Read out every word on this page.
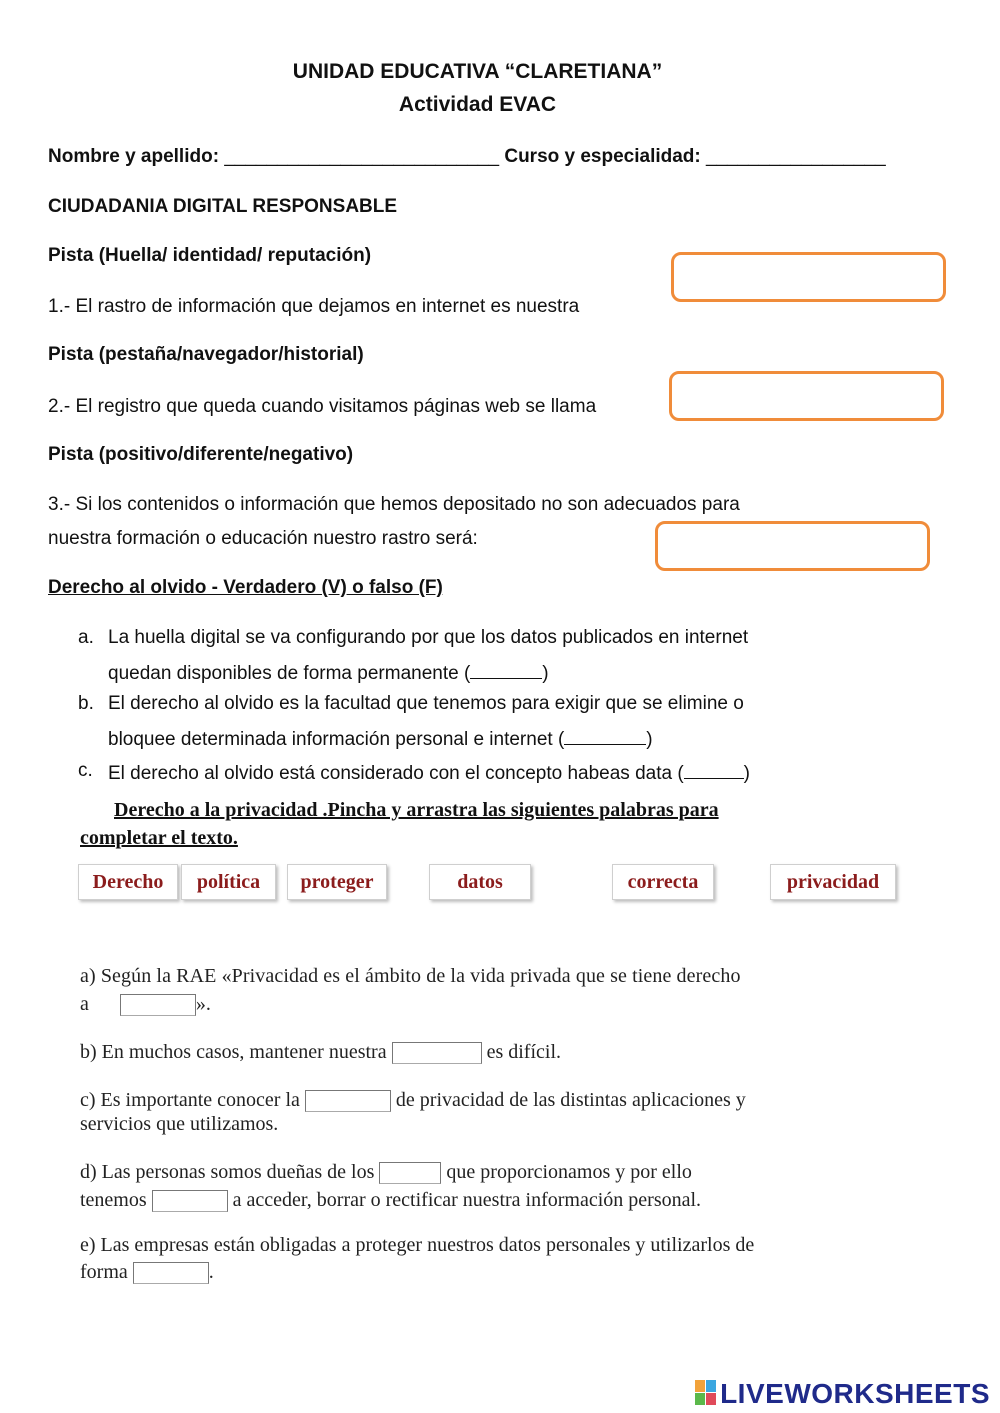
UNIDAD EDUCATIVA “CLARETIANA”
Actividad EVAC
Nombre y apellido: __________________________ Curso y especialidad: _________________
CIUDADANIA DIGITAL RESPONSABLE
Pista (Huella/ identidad/ reputación)
1.- El rastro de información que dejamos en internet es nuestra
Pista (pestaña/navegador/historial)
2.- El registro que queda cuando visitamos páginas web se llama
Pista (positivo/diferente/negativo)
3.- Si los contenidos o información que hemos depositado no son adecuados para
nuestra formación o educación nuestro rastro será:
Derecho al olvido - Verdadero (V) o falso (F)
a. La huella digital se va configurando por que los datos publicados en internet
quedan disponibles de forma permanente (	)
b. El derecho al olvido es la facultad que tenemos para exigir que se elimine o
bloquee determinada información personal e internet (	)
c. El derecho al olvido está considerado con el concepto habeas data (	)
Derecho a la privacidad .Pincha y arrastra las siguientes palabras para
completar el texto.
Derecho	política	proteger	datos	correcta	privacidad
a) Según la RAE «Privacidad es el ámbito de la vida privada que se tiene derecho
a	».
b) En muchos casos, mantener nuestra	es difícil.
c) Es importante conocer la	de privacidad de las distintas aplicaciones y
servicios que utilizamos.
d) Las personas somos dueñas de los	que proporcionamos y por ello
tenemos	a acceder, borrar o rectificar nuestra información personal.
e) Las empresas están obligadas a proteger nuestros datos personales y utilizarlos de
forma	.
LIVEWORKSHEETS
